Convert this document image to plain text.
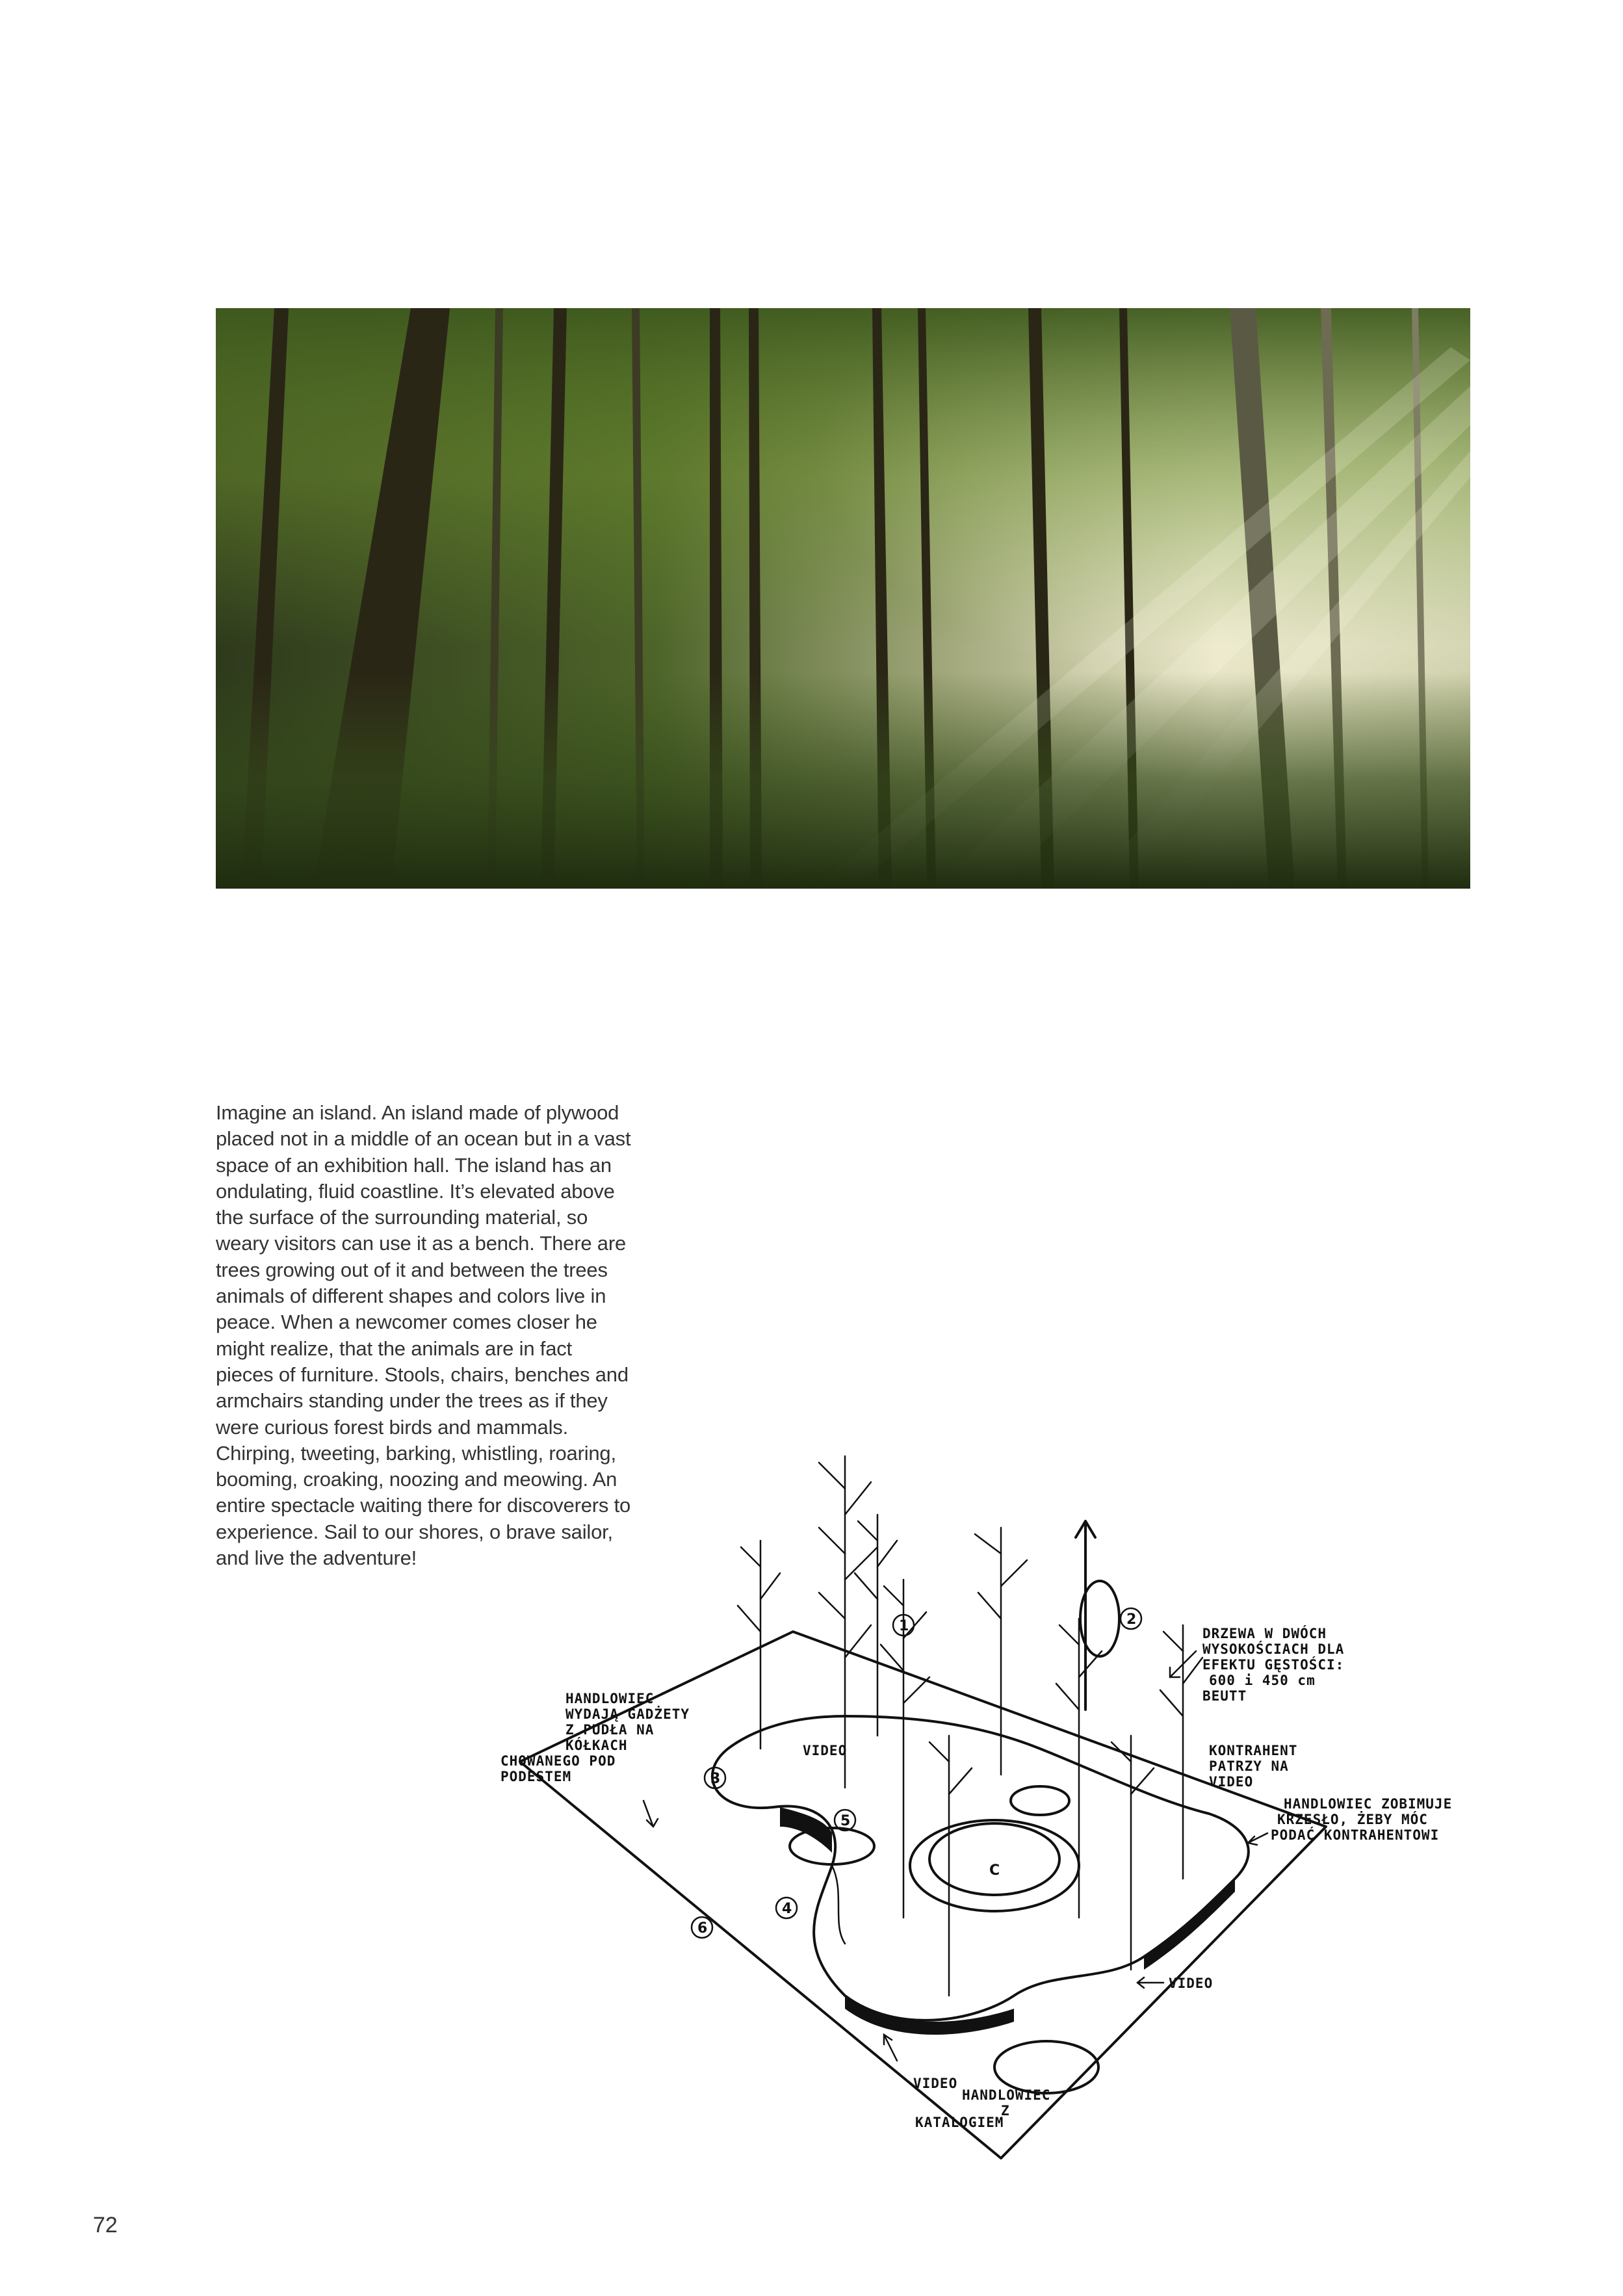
Imagine an island. An island made of plywood placed not in a middle of an ocean but in a vast space of an exhibition hall. The island has an ondulating, fluid coastline. It’s elevated above the surface of the surrounding material, so weary visitors can use it as a bench. There are trees growing out of it and between the trees animals of different shapes and colors live in peace. When a newcomer comes closer he might realize, that the animals are in fact pieces of furniture. Stools, chairs, benches and armchairs standing under the trees as if they were curious forest birds and mammals. Chirping, tweeting, barking, whistling, roaring, booming, croaking, noozing and meowing. An entire spectacle waiting there for discoverers to experience. Sail to our shores, o brave sailor, and live the adventure!

C
1	2
3
4
5
6
HANDLOWIEC
WYDAJĄ GADŻETY
Z PUDŁA NA
KÓŁKACH
CHOWANEGO POD
PODESTEM
VIDEO
DRZEWA W DWÓCH
WYSOKOŚCIACH DLA
EFEKTU GĘSTOŚCI:
600 i 450 cm
BEUTT
KONTRAHENT
PATRZY NA
VIDEO
HANDLOWIEC ZOBIMUJE
KRZESŁO, ŻEBY MÓC
PODAĆ KONTRAHENTOWI
VIDEO
VIDEO
HANDLOWIEC
Z
KATALOGIEM
72
